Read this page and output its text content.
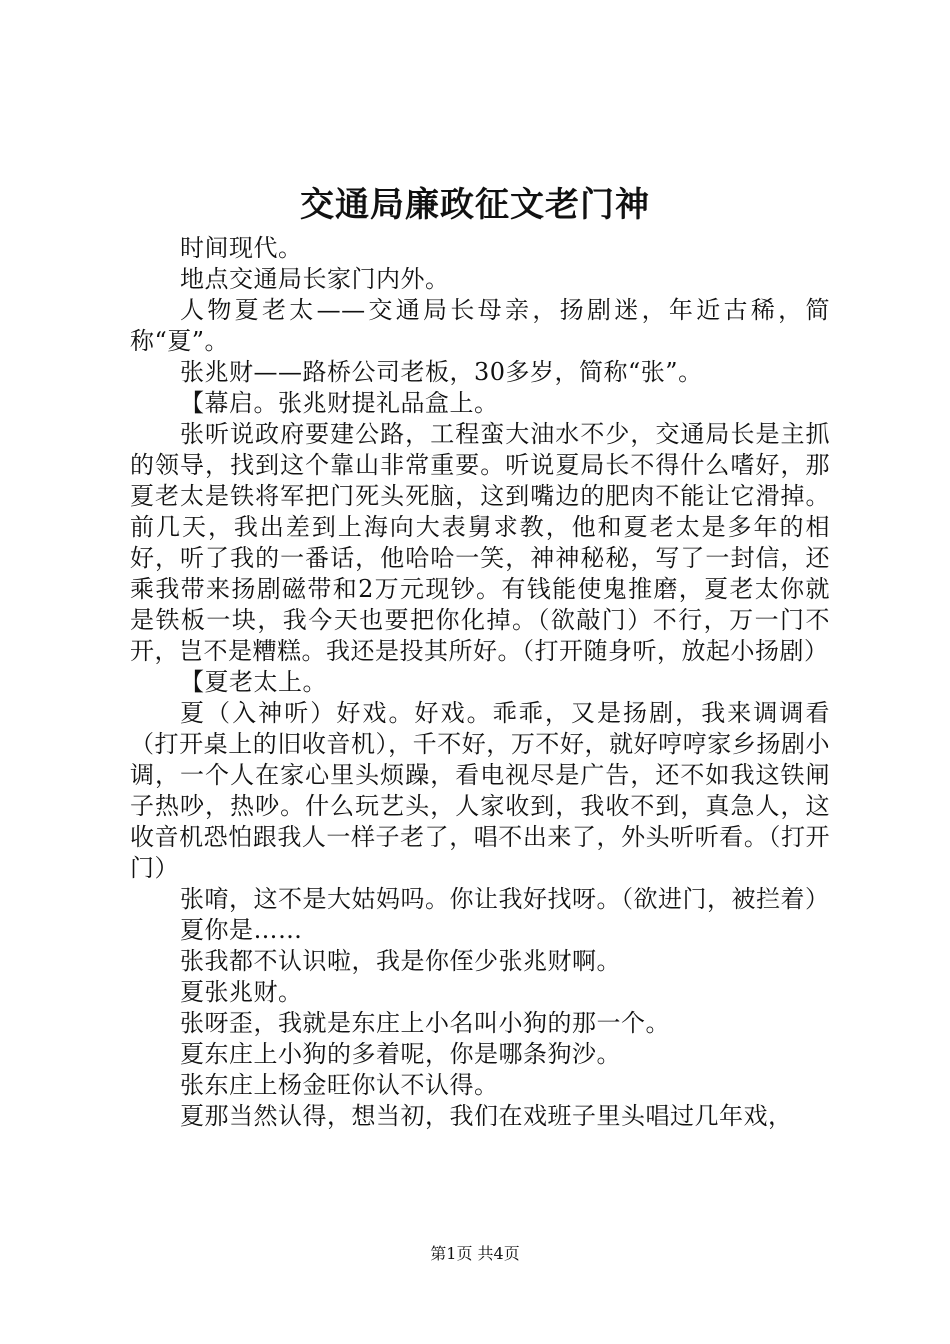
交通局廉政征文老门神

时间现代。

地点交通局长家门内外。

人物夏老太——交通局长母亲，扬剧迷，年近古稀，简称“夏”。

张兆财——路桥公司老板，30多岁，简称“张”。

【幕启。张兆财提礼品盒上。

张听说政府要建公路，工程蛮大油水不少，交通局长是主抓的领导，找到这个靠山非常重要。听说夏局长不得什么嗜好，那夏老太是铁将军把门死头死脑，这到嘴边的肥肉不能让它滑掉。前几天，我出差到上海向大表舅求教，他和夏老太是多年的相好，听了我的一番话，他哈哈一笑，神神秘秘，写了一封信，还乘我带来扬剧磁带和2万元现钞。有钱能使鬼推磨，夏老太你就是铁板一块，我今天也要把你化掉。（欲敲门）不行，万一门不开，岂不是糟糕。我还是投其所好。（打开随身听，放起小扬剧）

【夏老太上。

夏（入神听）好戏。好戏。乖乖，又是扬剧，我来调调看（打开桌上的旧收音机），千不好，万不好，就好哼哼家乡扬剧小调，一个人在家心里头烦躁，看电视尽是广告，还不如我这铁闸子热吵，热吵。什么玩艺头，人家收到，我收不到，真急人，这收音机恐怕跟我人一样子老了，唱不出来了，外头听听看。（打开门）

张唷，这不是大姑妈吗。你让我好找呀。（欲进门，被拦着）

夏你是……

张我都不认识啦，我是你侄少张兆财啊。

夏张兆财。

张呀歪，我就是东庄上小名叫小狗的那一个。

夏东庄上小狗的多着呢，你是哪条狗沙。

张东庄上杨金旺你认不认得。

夏那当然认得，想当初，我们在戏班子里头唱过几年戏，

第1页 共4页
